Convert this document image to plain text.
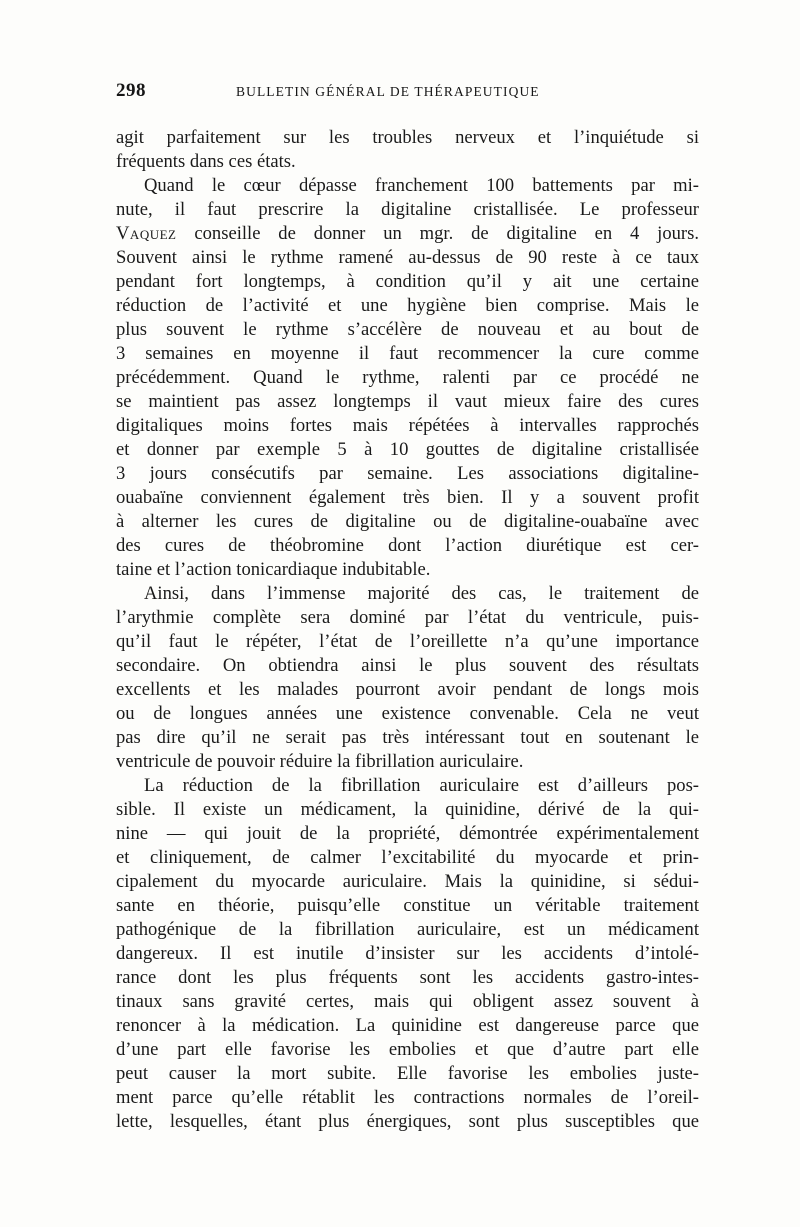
298	BULLETIN GÉNÉRAL DE THÉRAPEUTIQUE
agit parfaitement sur les troubles nerveux et l’inquiétude si
fréquents dans ces états.
Quand le cœur dépasse franchement 100 battements par mi-
nute, il faut prescrire la digitaline cristallisée. Le professeur
Vaquez conseille de donner un mgr. de digitaline en 4 jours.
Souvent ainsi le rythme ramené au-dessus de 90 reste à ce taux
pendant fort longtemps, à condition qu’il y ait une certaine
réduction de l’activité et une hygiène bien comprise. Mais le
plus souvent le rythme s’accélère de nouveau et au bout de
3 semaines en moyenne il faut recommencer la cure comme
précédemment. Quand le rythme, ralenti par ce procédé ne
se maintient pas assez longtemps il vaut mieux faire des cures
digitaliques moins fortes mais répétées à intervalles rapprochés
et donner par exemple 5 à 10 gouttes de digitaline cristallisée
3 jours consécutifs par semaine. Les associations digitaline-
ouabaïne conviennent également très bien. Il y a souvent profit
à alterner les cures de digitaline ou de digitaline-ouabaïne avec
des cures de théobromine dont l’action diurétique est cer-
taine et l’action tonicardiaque indubitable.
Ainsi, dans l’immense majorité des cas, le traitement de
l’arythmie complète sera dominé par l’état du ventricule, puis-
qu’il faut le répéter, l’état de l’oreillette n’a qu’une importance
secondaire. On obtiendra ainsi le plus souvent des résultats
excellents et les malades pourront avoir pendant de longs mois
ou de longues années une existence convenable. Cela ne veut
pas dire qu’il ne serait pas très intéressant tout en soutenant le
ventricule de pouvoir réduire la fibrillation auriculaire.
La réduction de la fibrillation auriculaire est d’ailleurs pos-
sible. Il existe un médicament, la quinidine, dérivé de la qui-
nine — qui jouit de la propriété, démontrée expérimentalement
et cliniquement, de calmer l’excitabilité du myocarde et prin-
cipalement du myocarde auriculaire. Mais la quinidine, si sédui-
sante en théorie, puisqu’elle constitue un véritable traitement
pathogénique de la fibrillation auriculaire, est un médicament
dangereux. Il est inutile d’insister sur les accidents d’intolé-
rance dont les plus fréquents sont les accidents gastro-intes-
tinaux sans gravité certes, mais qui obligent assez souvent à
renoncer à la médication. La quinidine est dangereuse parce que
d’une part elle favorise les embolies et que d’autre part elle
peut causer la mort subite. Elle favorise les embolies juste-
ment parce qu’elle rétablit les contractions normales de l’oreil-
lette, lesquelles, étant plus énergiques, sont plus susceptibles que
